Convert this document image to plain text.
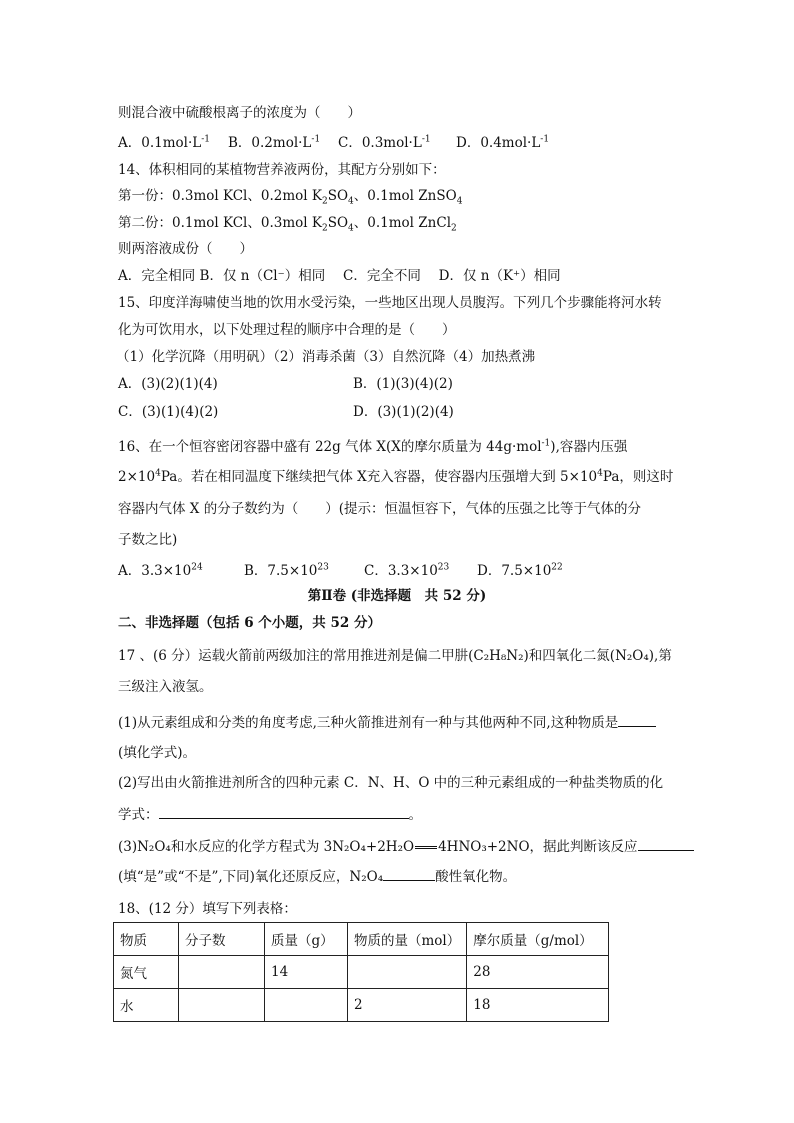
则混合液中硫酸根离子的浓度为（　　）
A．$0.1mol\cdot L^{-1}$ B．$0.2mol\cdot L^{-1}$ C．$0.3mol\cdot L^{-1}$ D．$0.4mol\cdot L^{-1}$
14、体积相同的某植物营养液两份，其配方分别如下：
第一份：0.3mol KCl、0.2mol $K_2SO_4$、0.1mol ZnSO$_4$
第二份：0.1mol KCl、0.3mol $K_2SO_4$、0.1mol ZnCl$_2$
则两溶液成份（　　）
A．完全相同 B．仅 n（Cl⁻）相同　 C．完全不同　 D．仅 n（K⁺）相同
15、印度洋海啸使当地的饮用水受污染，一些地区出现人员腹泻。下列几个步骤能将河水转
化为可饮用水，以下处理过程的顺序中合理的是（　　）
（1）化学沉降（用明矾）（2）消毒杀菌（3）自然沉降（4）加热煮沸
A．(3)(2)(1)(4)	B．(1)(3)(4)(2)
C．(3)(1)(4)(2)	D．(3)(1)(2)(4)
16、在一个恒容密闭容器中盛有 22g 气体 X(X的摩尔质量为 44g·mol$^{-1}$),容器内压强
$2\times 10^4Pa$。若在相同温度下继续把气体 X充入容器，使容器内压强增大到 $5\times 10^4Pa$，则这时
容器内气体 X 的分子数约为（　　）(提示：恒温恒容下，气体的压强之比等于气体的分
子数之比)
A．$3.3\times 10^{24}$	B．$7.5\times 10^{23}$	C．$3.3\times 10^{23}$ D．$7.5\times 10^{22}$
第Ⅱ卷 (非选择题　共 52 分)
二、非选择题（包括 6 个小题，共 52 分）
17 、(6 分）运载火箭前两级加注的常用推进剂是偏二甲肼(C₂H₈N₂)和四氧化二氮(N₂O₄),第
三级注入液氢。
(1)从元素组成和分类的角度考虑,三种火箭推进剂有一种与其他两种不同,这种物质是
(填化学式)。
(2)写出由火箭推进剂所含的四种元素 C．N、H、O 中的三种元素组成的一种盐类物质的化
学式：	。
(3)N₂O₄和水反应的化学方程式为 3N₂O₄+2H₂O 4HNO₃+2NO，据此判断该反应
(填“是”或“不是”,下同)氧化还原反应，N₂O₄	酸性氧化物。
18、(12 分）填写下列表格：
物质	分子数	质量（g）	物质的量（mol）	摩尔质量（g/mol）
氮气		14		28
水			2	18
